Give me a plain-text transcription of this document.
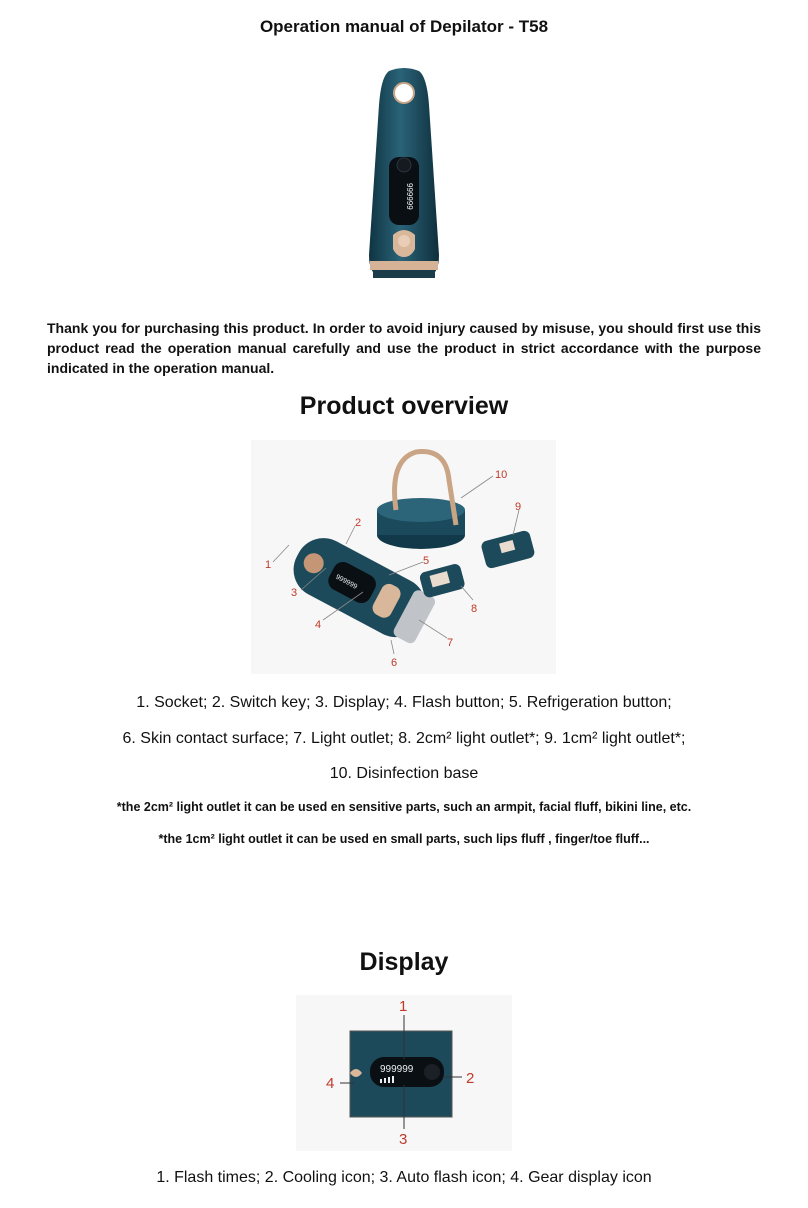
Operation manual of Depilator - T58
999999
Thank you for purchasing this product. In order to avoid injury caused by misuse, you should first use this product read the operation manual carefully and use the product in strict accordance with the purpose indicated in the operation manual.
Product overview
999999
1
2
3
4
5
6
7
8
9
10
1. Socket; 2. Switch key; 3. Display; 4. Flash button; 5. Refrigeration button;
6. Skin contact surface; 7. Light outlet; 8. 2cm² light outlet*; 9. 1cm² light outlet*;
10. Disinfection base
*the 2cm² light outlet it can be used en sensitive parts, such an armpit, facial fluff, bikini line, etc.
*the 1cm² light outlet it can be used en small parts, such lips fluff , finger/toe fluff...
Display
999999
1
2
3
4
1. Flash times; 2. Cooling icon; 3. Auto flash icon; 4. Gear display icon
